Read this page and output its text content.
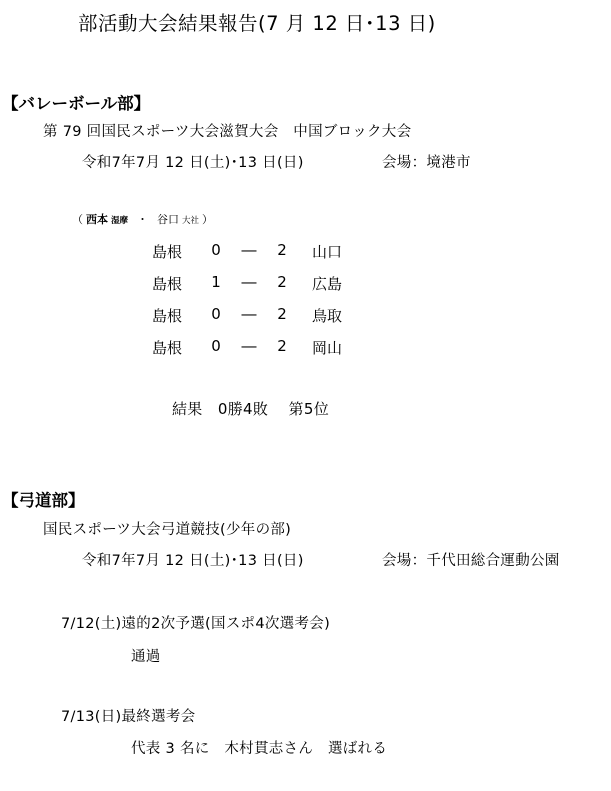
部活動大会結果報告(7 月 12 日･13 日)
【バレーボール部】
第 79 回国民スポーツ大会滋賀大会　中国ブロック大会
令和7年7月 12 日(土)･13 日(日)	会場：境港市
（ 西本 湿摩 ・ 谷口 大社 ）
島根	0	―	2	山口
島根	1	―	2	広島
島根	0	―	2	鳥取
島根	0	―	2	岡山
結果　0勝4敗　 第5位
【弓道部】
国民スポーツ大会弓道競技(少年の部)
令和7年7月 12 日(土)･13 日(日)	会場：千代田総合運動公園
7/12(土)遠的2次予選(国スポ4次選考会)
通過
7/13(日)最終選考会
代表 3 名に　木村貫志さん　選ばれる
